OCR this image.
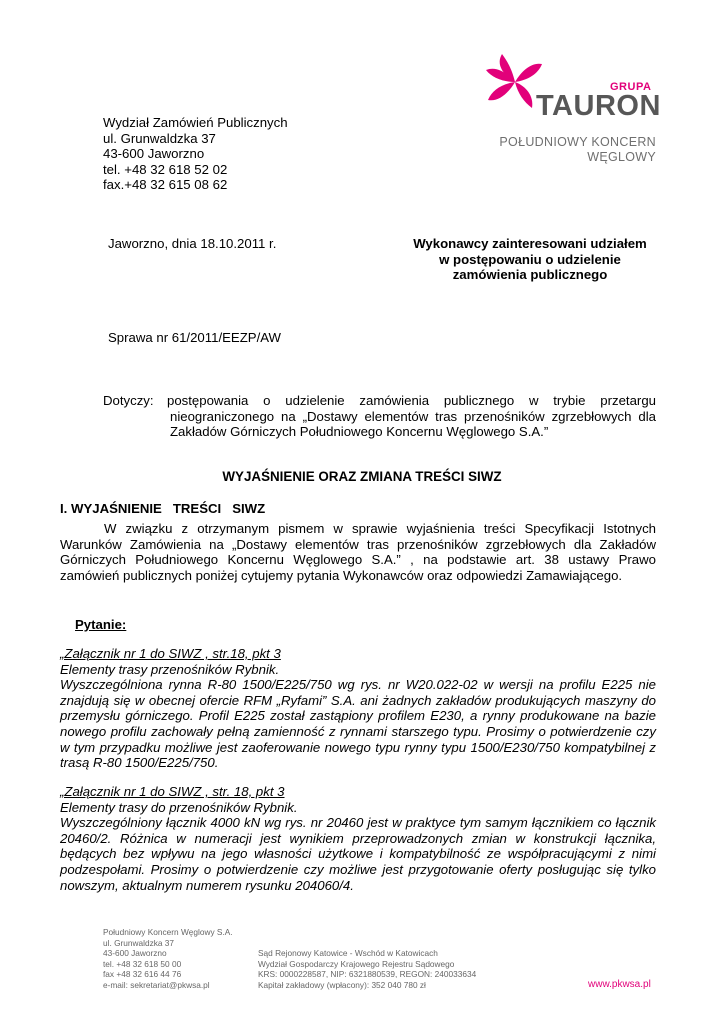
GRUPA
TAURON
POŁUDNIOWY KONCERN
WĘGLOWY
Wydział Zamówień Publicznych
ul. Grunwaldzka 37
43-600 Jaworzno
tel. +48 32 618 52 02
fax.+48 32 615 08 62
Jaworzno, dnia 18.10.2011 r.	Wykonawcy zainteresowani udziałem
w postępowaniu o udzielenie
zamówienia publicznego
Sprawa nr 61/2011/EEZP/AW
Dotyczy: postępowania o udzielenie zamówienia publicznego w trybie przetargu nieograniczonego na „Dostawy elementów tras przenośników zgrzebłowych dla Zakładów Górniczych Południowego Koncernu Węglowego S.A.”
WYJAŚNIENIE ORAZ ZMIANA TREŚCI SIWZ
I. WYJAŚNIENIE   TREŚCI   SIWZ
W związku z otrzymanym pismem w sprawie wyjaśnienia treści Specyfikacji Istotnych Warunków Zamówienia na „Dostawy elementów tras przenośników zgrzebłowych dla Zakładów Górniczych Południowego Koncernu Węglowego S.A.” , na podstawie art. 38 ustawy Prawo zamówień publicznych poniżej cytujemy pytania Wykonawców oraz odpowiedzi Zamawiającego.
Pytanie:
„Załącznik nr 1 do SIWZ , str.18, pkt 3
Elementy trasy przenośników Rybnik.
Wyszczególniona rynna R-80 1500/E225/750 wg rys. nr W20.022-02 w wersji na profilu E225 nie znajdują się w obecnej ofercie RFM „Ryfami” S.A. ani żadnych zakładów produkujących maszyny do przemysłu górniczego. Profil E225 został zastąpiony profilem E230, a rynny produkowane na bazie nowego profilu zachowały pełną zamienność z rynnami starszego typu. Prosimy o potwierdzenie czy w tym przypadku możliwe jest zaoferowanie nowego typu rynny typu 1500/E230/750 kompatybilnej z trasą R-80 1500/E225/750.
„Załącznik nr 1 do SIWZ , str. 18, pkt 3
Elementy trasy do przenośników Rybnik.
Wyszczególniony łącznik 4000 kN wg rys. nr 20460 jest w praktyce tym samym łącznikiem co łącznik 20460/2. Różnica w numeracji jest wynikiem przeprowadzonych zmian w konstrukcji łącznika, będących bez wpływu na jego własności użytkowe i kompatybilność ze współpracującymi z nimi podzespołami. Prosimy o potwierdzenie czy możliwe jest przygotowanie oferty posługując się tylko nowszym, aktualnym numerem rysunku 204060/4.
Południowy Koncern Węglowy S.A.
ul. Grunwaldzka 37
43-600 Jaworzno
tel. +48 32 618 50 00
fax +48 32 616 44 76
e-mail: sekretariat@pkwsa.pl
Sąd Rejonowy Katowice - Wschód w Katowicach
Wydział Gospodarczy Krajowego Rejestru Sądowego
KRS: 0000228587, NIP: 6321880539, REGON: 240033634
Kapitał zakładowy (wpłacony): 352 040 780 zł	www.pkwsa.pl
